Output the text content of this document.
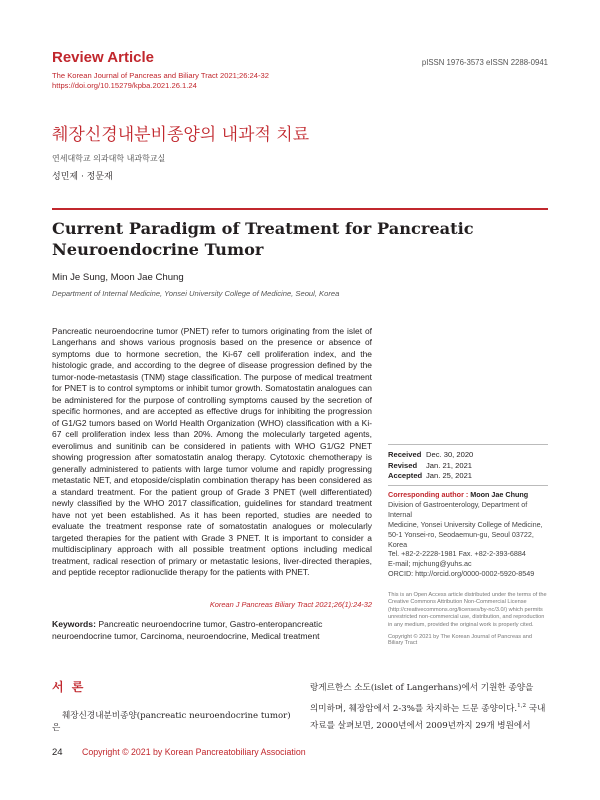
Review Article
The Korean Journal of Pancreas and Biliary Tract 2021;26:24-32
https://doi.org/10.15279/kpba.2021.26.1.24
pISSN 1976-3573 eISSN 2288-0941
췌장신경내분비종양의 내과적 치료
연세대학교 의과대학 내과학교실
성민제 · 정문재
Current Paradigm of Treatment for Pancreatic Neuroendocrine Tumor
Min Je Sung, Moon Jae Chung
Department of Internal Medicine, Yonsei University College of Medicine, Seoul, Korea
Pancreatic neuroendocrine tumor (PNET) refer to tumors originating from the islet of Langerhans and shows various prognosis based on the presence or absence of symptoms due to hormone secretion, the Ki-67 cell proliferation index, and the histologic grade, and according to the degree of disease progression defined by the tumor-node-metastasis (TNM) stage classification. The purpose of medical treatment for PNET is to control symptoms or inhibit tumor growth. Somatostatin analogues can be administered for the purpose of controlling symptoms caused by the secretion of specific hormones, and are accepted as effective drugs for inhibiting the progression of G1/G2 tumors based on World Health Organization (WHO) classification with a Ki-67 cell proliferation index less than 20%. Among the molecularly targeted agents, everolimus and sunitinib can be considered in patients with WHO G1/G2 PNET showing progression after somatostatin analog therapy. Cytotoxic chemotherapy is generally administered to patients with large tumor volume and rapidly progressing metastatic NET, and etoposide/cisplatin combination therapy has been considered as a standard treatment. For the patient group of Grade 3 PNET (well differentiated) newly classified by the WHO 2017 classification, guidelines for standard treatment have not yet been established. As it has been reported, studies are needed to evaluate the treatment response rate of somatostatin analogues or molecularly targeted therapies for the patient with Grade 3 PNET. It is important to consider a multidisciplinary approach with all possible treatment options including medical treatment, radical resection of primary or metastatic lesions, liver-directed therapies, and peptide receptor radionuclide therapy for the patients with PNET.
Korean J Pancreas Biliary Tract 2021;26(1):24-32
Keywords: Pancreatic neuroendocrine tumor, Gastro-enteropancreatic neuroendocrine tumor, Carcinoma, neuroendocrine, Medical treatment
Received Dec. 30, 2020
Revised	Jan. 21, 2021
Accepted Jan. 25, 2021
Corresponding author : Moon Jae Chung
Division of Gastroenterology, Department of Internal
Medicine, Yonsei University College of Medicine,
50-1 Yonsei-ro, Seodaemun-gu, Seoul 03722, Korea
Tel. +82-2-2228-1981 Fax. +82-2-393-6884
E-mail; mjchung@yuhs.ac
ORCID: http://orcid.org/0000-0002-5920-8549
This is an Open Access article distributed under the terms of the Creative Commons Attribution Non-Commercial License (http://creativecommons.org/licenses/by-nc/3.0/) which permits unrestricted non-commercial use, distribution, and reproduction in any medium, provided the original work is properly cited.
Copyright © 2021 by The Korean Journal of Pancreas and Biliary Tract
서 론
췌장신경내분비종양(pancreatic neuroendocrine tumor)은
랑게르한스 소도(islet of Langerhans)에서 기원한 종양을
의미하며, 췌장암에서 2-3%를 차지하는 드문 종양이다.$^{1,2}$ 국내
자료를 살펴보면, 2000년에서 2009년까지 29개 병원에서
24 Copyright © 2021 by Korean Pancreatobiliary Association
